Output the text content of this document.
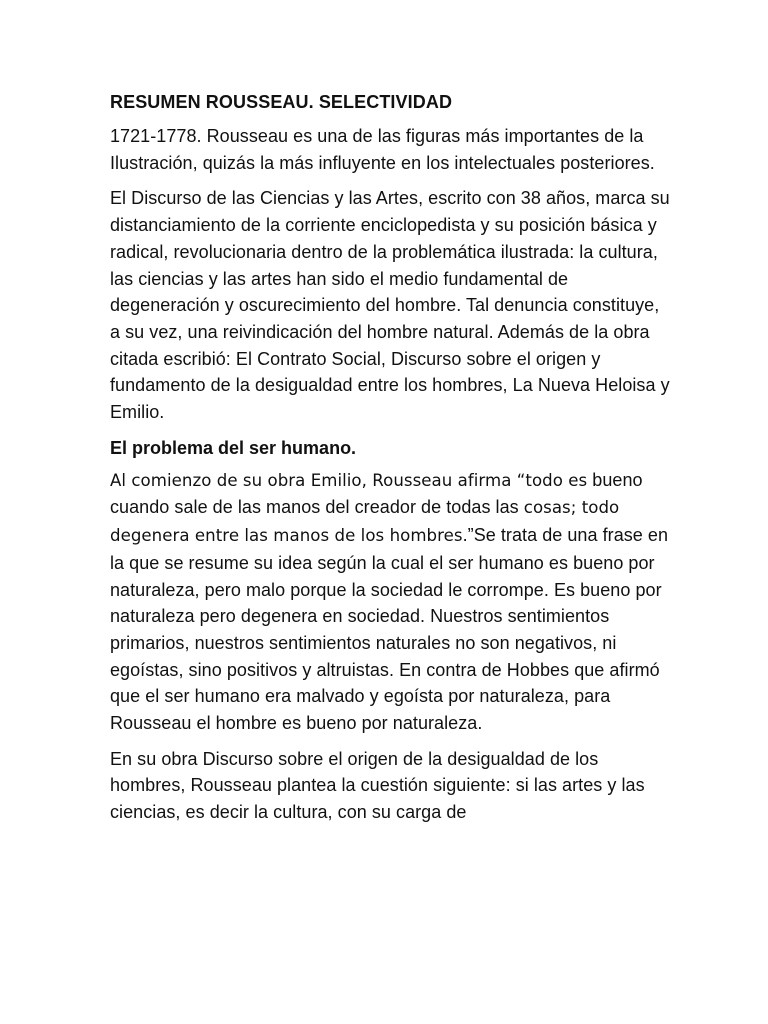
RESUMEN ROUSSEAU. SELECTIVIDAD

1721-1778. Rousseau es una de las figuras más importantes de la Ilustración, quizás la más influyente en los intelectuales posteriores.

El Discurso de las Ciencias y las Artes, escrito con 38 años, marca su distanciamiento de la corriente enciclopedista y su posición básica y radical, revolucionaria dentro de la problemática ilustrada: la cultura, las ciencias y las artes han sido el medio fundamental de degeneración y oscurecimiento del hombre. Tal denuncia constituye, a su vez, una reivindicación del hombre natural. Además de la obra citada escribió: El Contrato Social, Discurso sobre el origen y fundamento de la desigualdad entre los hombres, La Nueva Heloisa y Emilio.

El problema del ser humano.

Al comienzo de su obra Emilio, Rousseau afirma “todo es bueno cuando sale de las manos del creador de todas las cosas; todo degenera entre las manos de los hombres.”Se trata de una frase en la que se resume su idea según la cual el ser humano es bueno por naturaleza, pero malo porque la sociedad le corrompe. Es bueno por naturaleza pero degenera en sociedad. Nuestros sentimientos primarios, nuestros sentimientos naturales no son negativos, ni egoístas, sino positivos y altruistas. En contra de Hobbes que afirmó que el ser humano era malvado y egoísta por naturaleza, para Rousseau el hombre es bueno por naturaleza.

En su obra Discurso sobre el origen de la desigualdad de los hombres, Rousseau plantea la cuestión siguiente: si las artes y las ciencias, es decir la cultura, con su carga de
